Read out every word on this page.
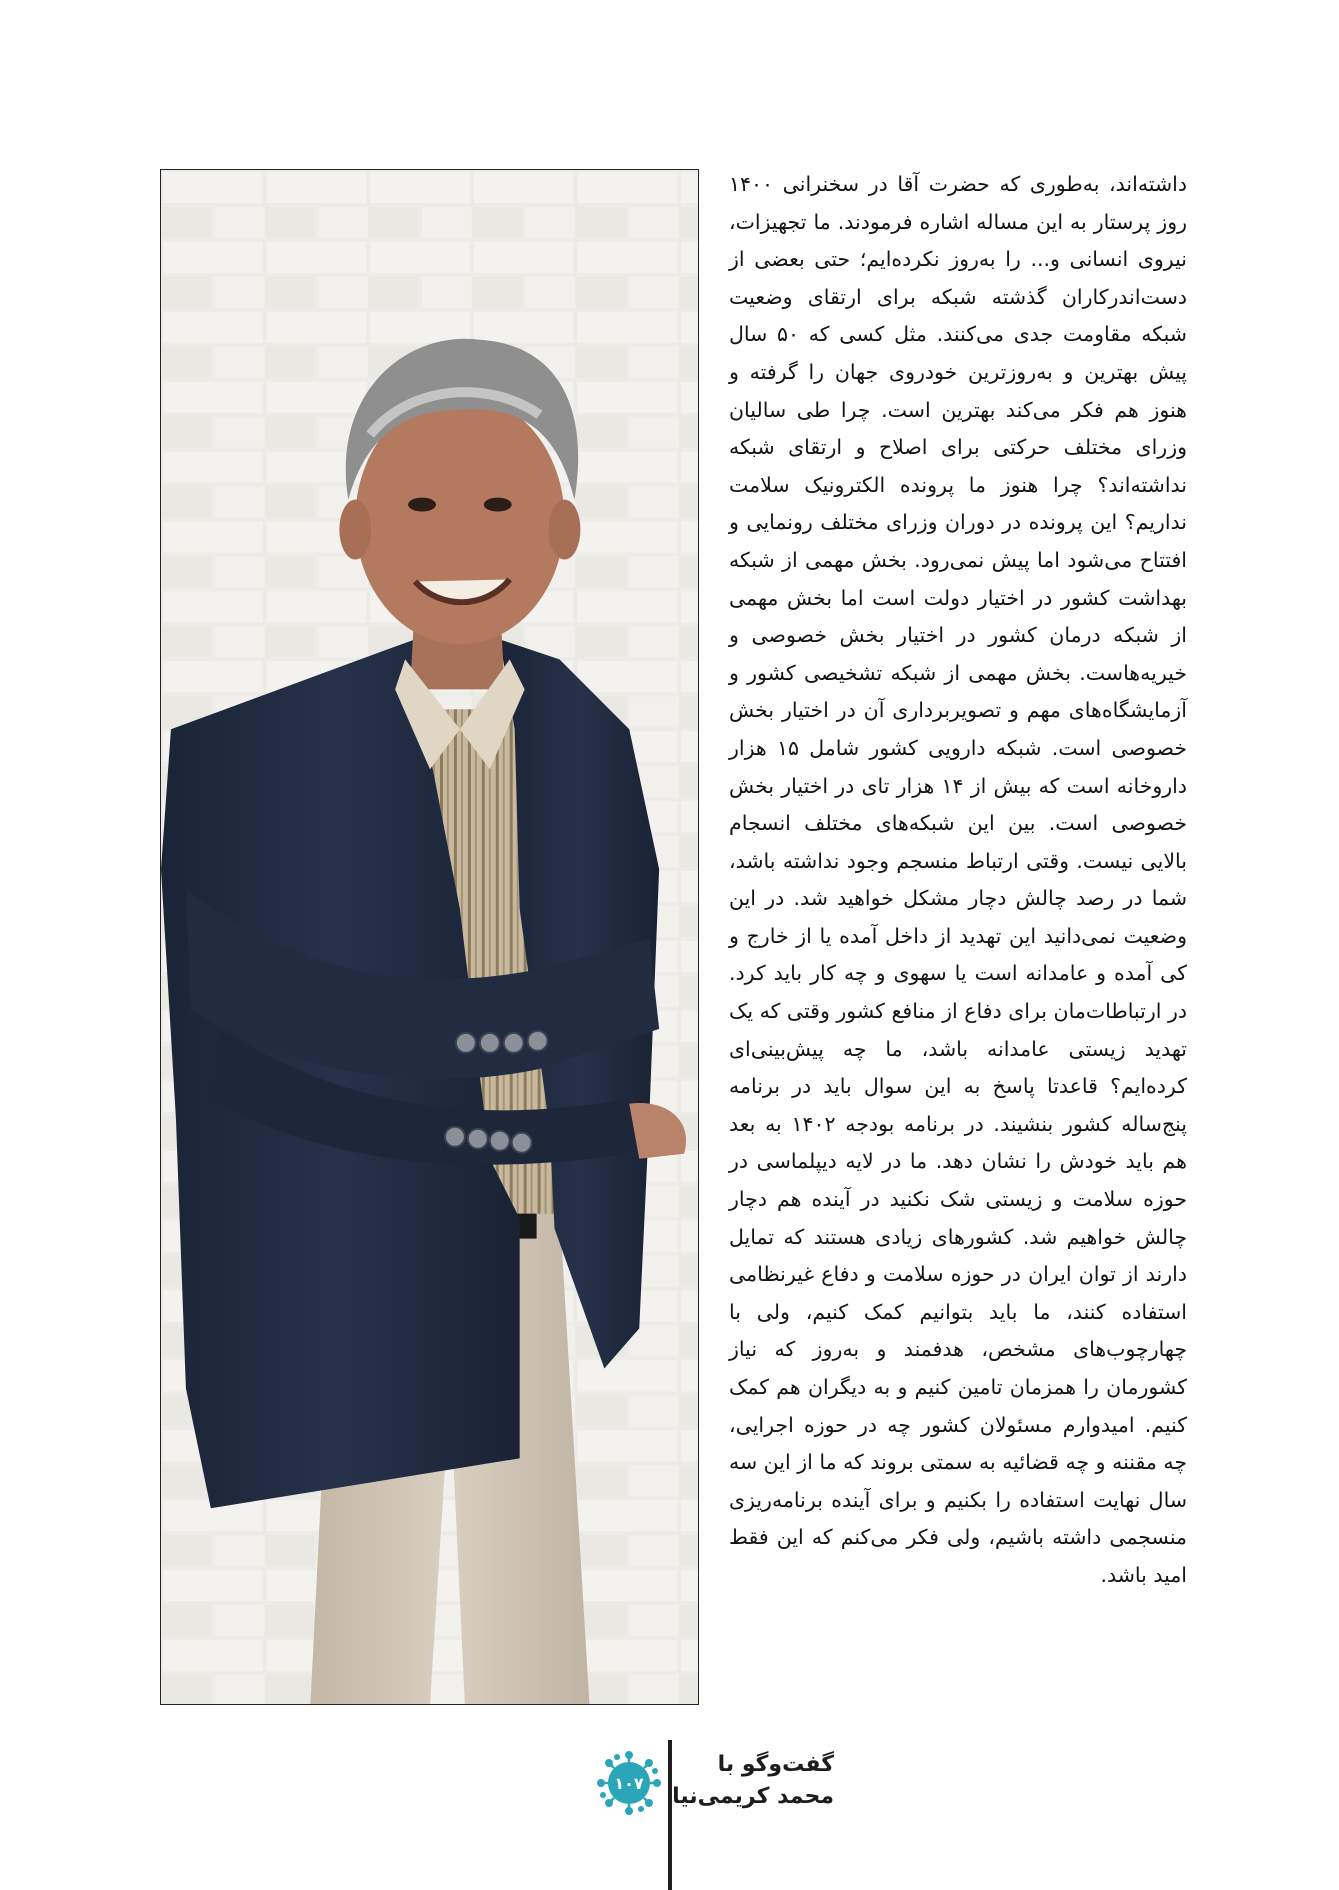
داشته‌اند، به‌طوری که حضرت آقا در سخنرانی ۱۴۰۰ روز پرستار به این مساله اشاره فرمودند. ما تجهیزات، نیروی انسانی و... را به‌روز نکرده‌ایم؛ حتی بعضی از دست‌اندرکاران گذشته شبکه برای ارتقای وضعیت شبکه مقاومت جدی می‌کنند. مثل کسی که ۵۰ سال پیش بهترین و به‌روزترین خودروی جهان را گرفته و هنوز هم فکر می‌کند بهترین است. چرا طی سالیان وزرای مختلف حرکتی برای اصلاح و ارتقای شبکه نداشته‌اند؟ چرا هنوز ما پرونده الکترونیک سلامت نداریم؟ این پرونده در دوران وزرای مختلف رونمایی و افتتاح می‌شود اما پیش نمی‌رود. بخش مهمی از شبکه بهداشت کشور در اختیار دولت است اما بخش مهمی از شبکه درمان کشور در اختیار بخش خصوصی و خیریه‌هاست. بخش مهمی از شبکه تشخیصی کشور و آزمایشگاه‌های مهم و تصویربرداری آن در اختیار بخش خصوصی است. شبکه دارویی کشور شامل ۱۵ هزار داروخانه است که بیش از ۱۴ هزار تای در اختیار بخش خصوصی است. بین این شبکه‌های مختلف انسجام بالایی نیست. وقتی ارتباط منسجم وجود نداشته باشد، شما در رصد چالش دچار مشکل خواهید شد. در این وضعیت نمی‌دانید این تهدید از داخل آمده یا از خارج و کی آمده و عامدانه است یا سهوی و چه کار باید کرد. در ارتباطات‌مان برای دفاع از منافع کشور وقتی که یک تهدید زیستی عامدانه باشد، ما چه پیش‌بینی‌ای کرده‌ایم؟ قاعدتا پاسخ به این سوال باید در برنامه پنج‌ساله کشور بنشیند. در برنامه بودجه ۱۴۰۲ به بعد هم باید خودش را نشان دهد. ما در لایه دیپلماسی در حوزه سلامت و زیستی شک نکنید در آینده هم دچار چالش خواهیم شد. کشورهای زیادی هستند که تمایل دارند از توان ایران در حوزه سلامت و دفاع غیرنظامی استفاده کنند، ما باید بتوانیم کمک کنیم، ولی با چهارچوب‌های مشخص، هدفمند و به‌روز که نیاز کشورمان را همزمان تامین کنیم و به دیگران هم کمک کنیم. امیدوارم مسئولان کشور چه در حوزه اجرایی، چه مقننه و چه قضائیه به سمتی بروند که ما از این سه سال نهایت استفاده را بکنیم و برای آینده برنامه‌ریزی منسجمی داشته باشیم، ولی فکر می‌کنم که این فقط امید باشد.

۱۰۷
گفت‌وگو با
محمد کریمی‌نیا
